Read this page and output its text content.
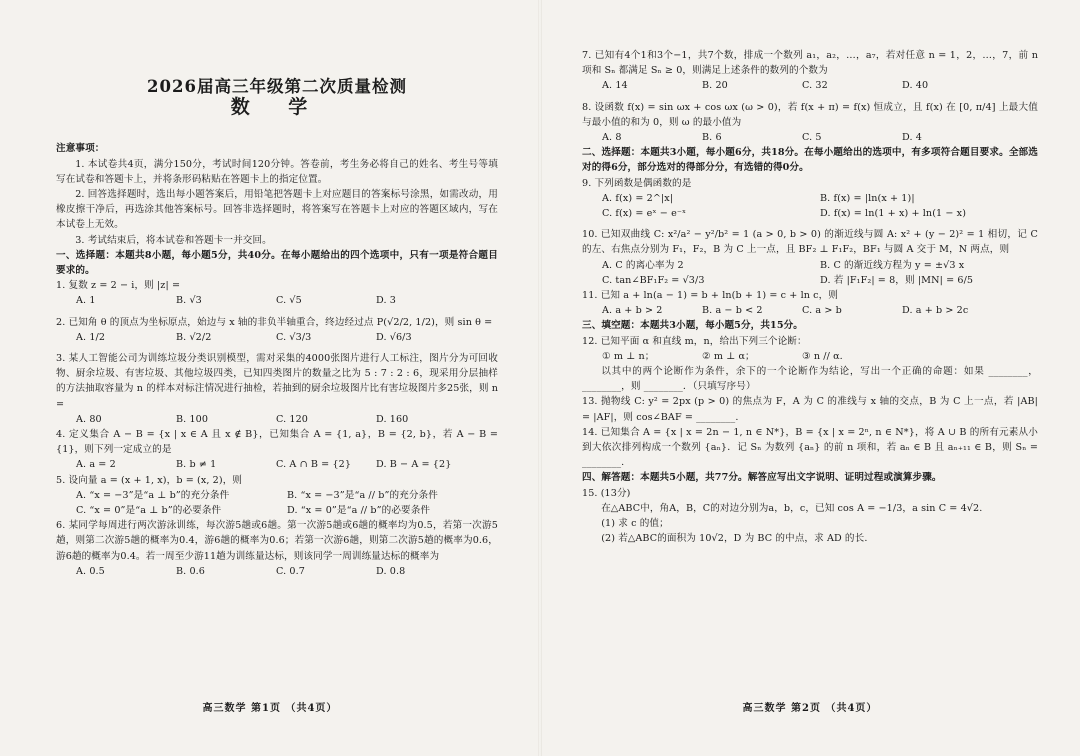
2026届高三年级第二次质量检测
数 学
注意事项：
1. 本试卷共4页，满分150分，考试时间120分钟。答卷前，考生务必将自己的姓名、考生号等填写在试卷和答题卡上，并将条形码粘贴在答题卡上的指定位置。
2. 回答选择题时，选出每小题答案后，用铅笔把答题卡上对应题目的答案标号涂黑，如需改动，用橡皮擦干净后，再选涂其他答案标号。回答非选择题时，将答案写在答题卡上对应的答题区域内，写在本试卷上无效。
3. 考试结束后，将本试卷和答题卡一并交回。
一、选择题：本题共8小题，每小题5分，共40分。在每小题给出的四个选项中，只有一项是符合题目要求的。
1. 复数 z = 2 − i，则 |z| =
A. 1	B. √3	C. √5	D. 3
2. 已知角 θ 的顶点为坐标原点，始边与 x 轴的非负半轴重合，终边经过点 P(√2/2, 1/2)，则 sin θ =
A. 1/2	B. √2/2	C. √3/3	D. √6/3
3. 某人工智能公司为训练垃圾分类识别模型，需对采集的4000张图片进行人工标注，图片分为可回收物、厨余垃圾、有害垃圾、其他垃圾四类，已知四类图片的数量之比为 5 : 7 : 2 : 6，现采用分层抽样的方法抽取容量为 n 的样本对标注情况进行抽检，若抽到的厨余垃圾图片比有害垃圾图片多25张，则 n =
A. 80	B. 100	C. 120	D. 160
4. 定义集合 A − B = {x | x ∈ A 且 x ∉ B}，已知集合 A = {1, a}，B = {2, b}，若 A − B = {1}，则下列一定成立的是
A. a = 2	B. b ≠ 1	C. A ∩ B = {2}	D. B − A = {2}
5. 设向量 a = (x + 1, x)，b = (x, 2)，则
A. “x = −3”是“a ⊥ b”的充分条件	B. “x = −3”是“a // b”的充分条件
C. “x = 0”是“a ⊥ b”的必要条件	D. “x = 0”是“a // b”的必要条件
6. 某同学每周进行两次游泳训练，每次游5趟或6趟。第一次游5趟或6趟的概率均为0.5，若第一次游5趟，则第二次游5趟的概率为0.4，游6趟的概率为0.6；若第一次游6趟，则第二次游5趟的概率为0.6，游6趟的概率为0.4。若一周至少游11趟为训练量达标，则该同学一周训练量达标的概率为
A. 0.5	B. 0.6	C. 0.7	D. 0.8
高三数学 第1页 （共4页）
7. 已知有4个1和3个−1，共7个数，排成一个数列 a₁，a₂，…，a₇，若对任意 n = 1，2，…，7，前 n 项和 Sₙ 都满足 Sₙ ≥ 0，则满足上述条件的数列的个数为
A. 14	B. 20	C. 32	D. 40
8. 设函数 f(x) = sin ωx + cos ωx (ω > 0)，若 f(x + π) = f(x) 恒成立，且 f(x) 在 [0, π/4] 上最大值与最小值的和为 0，则 ω 的最小值为
A. 8	B. 6	C. 5	D. 4
二、选择题：本题共3小题，每小题6分，共18分。在每小题给出的选项中，有多项符合题目要求。全部选对的得6分，部分选对的得部分分，有选错的得0分。
9. 下列函数是偶函数的是
A. f(x) = 2^|x|	B. f(x) = |ln(x + 1)|
C. f(x) = eˣ − e⁻ˣ	D. f(x) = ln(1 + x) + ln(1 − x)
10. 已知双曲线 C: x²/a² − y²/b² = 1 (a > 0, b > 0) 的渐近线与圆 A: x² + (y − 2)² = 1 相切，记 C 的左、右焦点分别为 F₁，F₂，B 为 C 上一点，且 BF₂ ⊥ F₁F₂，BF₁ 与圆 A 交于 M，N 两点，则
A. C 的离心率为 2	B. C 的渐近线方程为 y = ±√3 x
C. tan∠BF₁F₂ = √3/3	D. 若 |F₁F₂| = 8，则 |MN| = 6/5
11. 已知 a + ln(a − 1) = b + ln(b + 1) = c + ln c，则
A. a + b > 2	B. a − b < 2	C. a > b	D. a + b > 2c
三、填空题：本题共3小题，每小题5分，共15分。
12. 已知平面 α 和直线 m，n，给出下列三个论断：
① m ⊥ n；	② m ⊥ α；	③ n // α.
以其中的两个论断作为条件，余下的一个论断作为结论，写出一个正确的命题：如果 ________，________，则 ________．（只填写序号）
13. 抛物线 C: y² = 2px (p > 0) 的焦点为 F，A 为 C 的准线与 x 轴的交点，B 为 C 上一点，若 |AB| = |AF|，则 cos∠BAF = ________.
14. 已知集合 A = {x | x = 2n − 1, n ∈ N*}，B = {x | x = 2ⁿ, n ∈ N*}，将 A ∪ B 的所有元素从小到大依次排列构成一个数列 {aₙ}．记 Sₙ 为数列 {aₙ} 的前 n 项和，若 aₙ ∈ B 且 aₙ₊₁₁ ∈ B，则 Sₙ = ________.
四、解答题：本题共5小题，共77分。解答应写出文字说明、证明过程或演算步骤。
15. (13分)
在△ABC中，角A，B，C的对边分别为a，b，c，已知 cos A = −1/3，a sin C = 4√2.
(1) 求 c 的值；
(2) 若△ABC的面积为 10√2，D 为 BC 的中点，求 AD 的长.
高三数学 第2页 （共4页）
